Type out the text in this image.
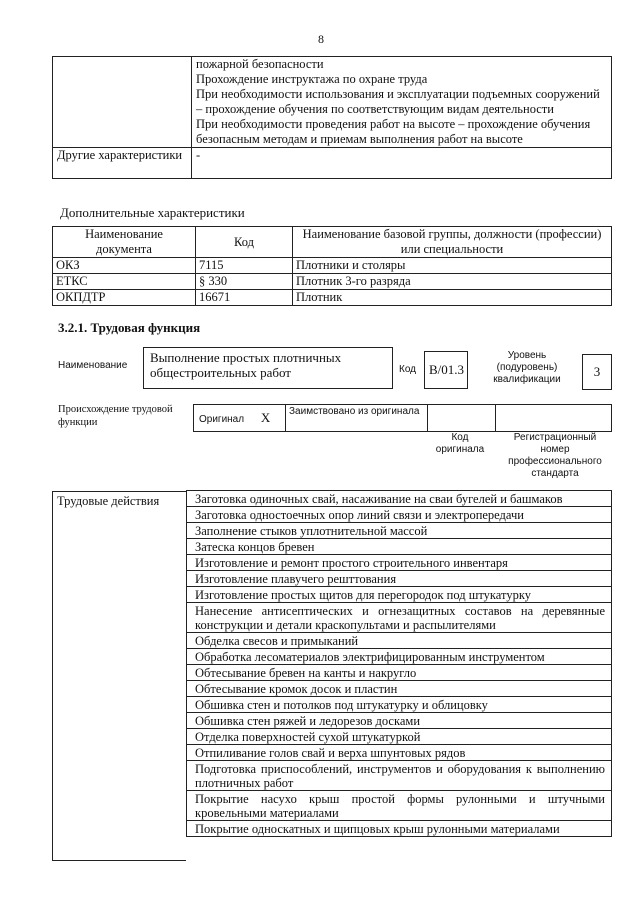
8

	пожарной безопасности
Прохождение инструктажа по охране труда
При необходимости использования и эксплуатации подъемных сооружений – прохождение обучения по соответствующим видам деятельности
При необходимости проведения работ на высоте – прохождение обучения безопасным методам и приемам выполнения работ на высоте

Другие характеристики	-
Дополнительные характеристики
Наименование документа	Код	Наименование базовой группы, должности (профессии) или специальности
ОКЗ	7115	Плотники и столяры
ЕТКС	§ 330	Плотник 3-го разряда
ОКПДТР	16671	Плотник
3.2.1. Трудовая функция
Наименование
Выполнение простых плотничных общестроительных работ	Код B/01.3
Уровень (подуровень) квалификации
3
Происхождение трудовой функции	Оригинал X	Заимствовано из оригинала
Код оригинала
Регистрационный номер профессионального стандарта
Трудовые действия	Заготовка одиночных свай, насаживание на сваи бугелей и башмаков
Заготовка одностоечных опор линий связи и электропередачи
Заполнение стыков уплотнительной массой
Затеска концов бревен
Изготовление и ремонт простого строительного инвентаря
Изготовление плавучего решттования
Изготовление простых щитов для перегородок под штукатурку
Нанесение антисептических и огнезащитных составов на деревянные конструкции и детали краскопультами и распылителями
Обделка свесов и примыканий
Обработка лесоматериалов электрифицированным инструментом
Обтесывание бревен на канты и накругло
Обтесывание кромок досок и пластин
Обшивка стен и потолков под штукатурку и облицовку
Обшивка стен ряжей и ледорезов досками
Отделка поверхностей сухой штукатуркой
Отпиливание голов свай и верха шпунтовых рядов
Подготовка приспособлений, инструментов и оборудования к выполнению плотничных работ
Покрытие насухо крыш простой формы рулонными и штучными кровельными материалами
Покрытие односкатных и щипцовых крыш рулонными материалами
